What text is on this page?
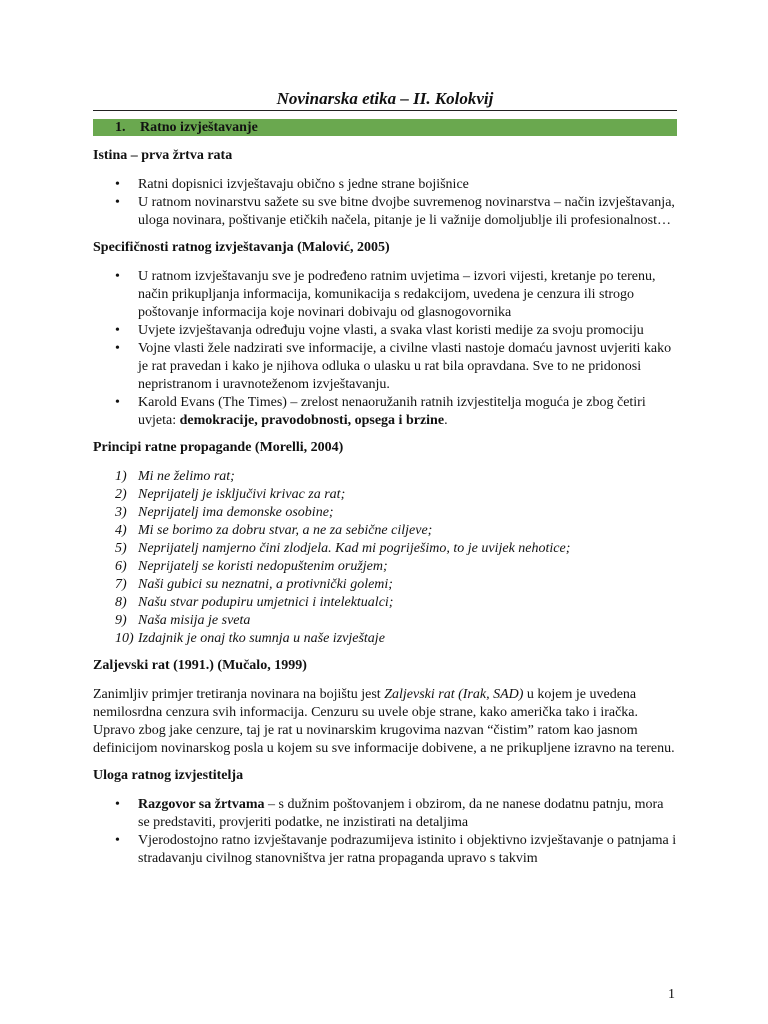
Novinarska etika – II. Kolokvij
1. Ratno izvještavanje
Istina – prva žrtva rata
• Ratni dopisnici izvještavaju obično s jedne strane bojišnice
• U ratnom novinarstvu sažete su sve bitne dvojbe suvremenog novinarstva – način izvještavanja, uloga novinara, poštivanje etičkih načela, pitanje je li važnije domoljublje ili profesionalnost…
Specifičnosti ratnog izvještavanja (Malović, 2005)
• U ratnom izvještavanju sve je podređeno ratnim uvjetima – izvori vijesti, kretanje po terenu, način prikupljanja informacija, komunikacija s redakcijom, uvedena je cenzura ili strogo poštovanje informacija koje novinari dobivaju od glasnogovornika
• Uvjete izvještavanja određuju vojne vlasti, a svaka vlast koristi medije za svoju promociju
• Vojne vlasti žele nadzirati sve informacije, a civilne vlasti nastoje domaću javnost uvjeriti kako je rat pravedan i kako je njihova odluka o ulasku u rat bila opravdana. Sve to ne pridonosi nepristranom i uravnoteženom izvještavanju.
• Karold Evans (The Times) – zrelost nenaoružanih ratnih izvjestitelja moguća je zbog četiri uvjeta: demokracije, pravodobnosti, opsega i brzine.
Principi ratne propagande (Morelli, 2004)
1) Mi ne želimo rat;
2) Neprijatelj je isključivi krivac za rat;
3) Neprijatelj ima demonske osobine;
4) Mi se borimo za dobru stvar, a ne za sebične ciljeve;
5) Neprijatelj namjerno čini zlodjela. Kad mi pogriješimo, to je uvijek nehotice;
6) Neprijatelj se koristi nedopuštenim oružjem;
7) Naši gubici su neznatni, a protivnički golemi;
8) Našu stvar podupiru umjetnici i intelektualci;
9) Naša misija je sveta
10) Izdajnik je onaj tko sumnja u naše izvještaje
Zaljevski rat (1991.) (Mučalo, 1999)

Zanimljiv primjer tretiranja novinara na bojištu jest Zaljevski rat (Irak, SAD) u kojem je uvedena nemilosrdna cenzura svih informacija. Cenzuru su uvele obje strane, kako američka tako i iračka. Upravo zbog jake cenzure, taj je rat u novinarskim krugovima nazvan “čistim” ratom kao jasnom definicijom novinarskog posla u kojem su sve informacije dobivene, a ne prikupljene izravno na terenu.

Uloga ratnog izvjestitelja
• Razgovor sa žrtvama – s dužnim poštovanjem i obzirom, da ne nanese dodatnu patnju, mora se predstaviti, provjeriti podatke, ne inzistirati na detaljima
• Vjerodostojno ratno izvještavanje podrazumijeva istinito i objektivno izvještavanje o patnjama i stradavanju civilnog stanovništva jer ratna propaganda upravo s takvim
1
